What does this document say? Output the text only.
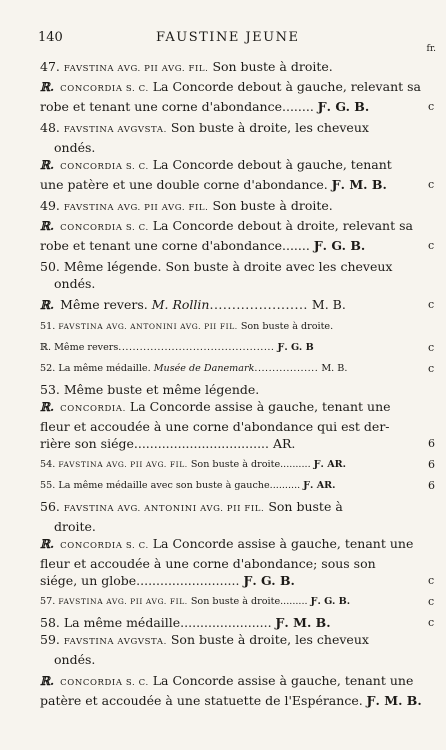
140	FAUSTINE JEUNE
fr.
47. FAVSTINA AVG. PII AVG. FIL. Son buste à droite.
ℝ. CONCORDIA S. C. La Concorde debout à gauche, relevant sa
robe et tenant une corne d'abondance........ Ƒ. G. B.	c
48. FAVSTINA AVGVSTA. Son buste à droite, les cheveux
ondés.
ℝ. CONCORDIA S. C. La Concorde debout à gauche, tenant
une patère et une double corne d'abondance. Ƒ. M. B.	c
49. FAVSTINA AVG. PII AVG. FIL. Son buste à droite.
ℝ. CONCORDIA S. C. La Concorde debout à droite, relevant sa
robe et tenant une corne d'abondance....... Ƒ. G. B.	c
50. Même légende. Son buste à droite avec les cheveux
ondés.
ℝ. Même revers. M. Rollin...................... M. B.	c
51. FAVSTINA AVG. ANTONINI AVG. PII FIL. Son buste à droite.
ℝ. Même revers............................................ Ƒ. G. B	c
52. La même médaille. Musée de Danemark.................. M. B.	c
53. Même buste et même légende.
ℝ. CONCORDIA. La Concorde assise à gauche, tenant une
fleur et accoudée à une corne d'abondance qui est der-
rière son siége.................................. AR.	6
54. FAVSTINA AVG. PII AVG. FIL. Son buste à droite.......... Ƒ. AR.	6
55. La même médaille avec son buste à gauche.......... Ƒ. AR.	6
56. FAVSTINA AVG. ANTONINI AVG. PII FIL. Son buste à
droite.
ℝ. CONCORDIA S. C. La Concorde assise à gauche, tenant une
fleur et accoudée à une corne d'abondance; sous son
siége, un globe.......................... Ƒ. G. B.	c
57. FAVSTINA AVG. PII AVG. FIL. Son buste à droite......... Ƒ. G. B.	c
58. La même médaille....................... Ƒ. M. B.	c
59. FAVSTINA AVGVSTA. Son buste à droite, les cheveux
ondés.
ℝ. CONCORDIA S. C. La Concorde assise à gauche, tenant une
patère et accoudée à une statuette de l'Espérance. Ƒ. M. B.
